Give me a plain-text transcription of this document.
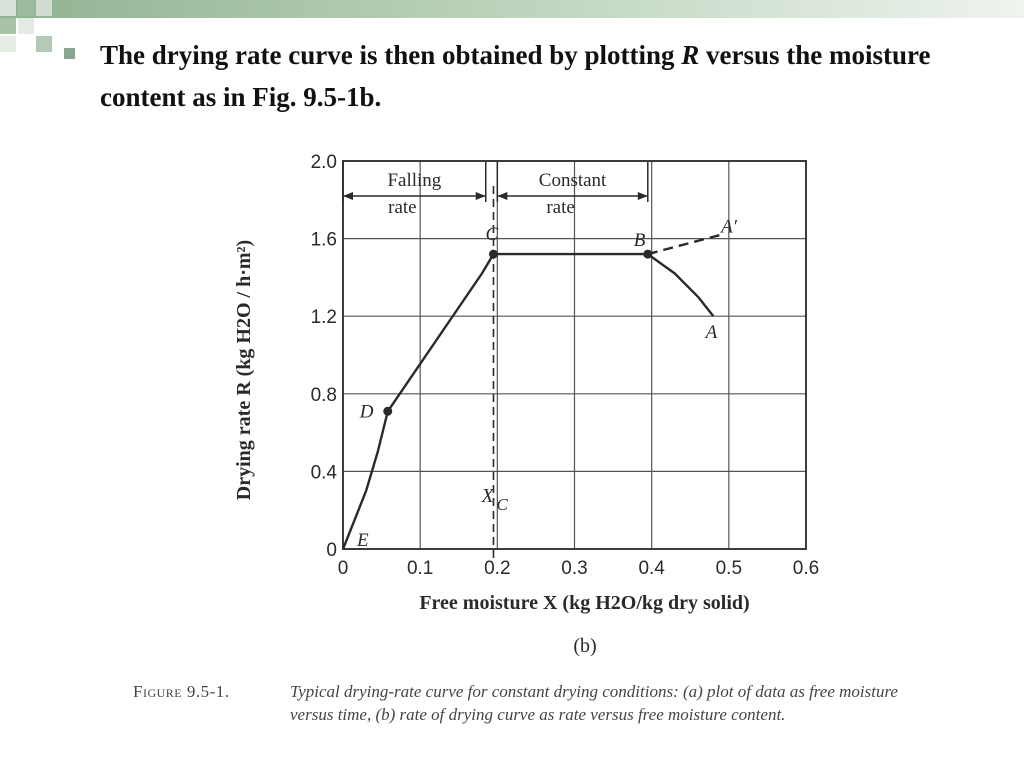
The drying rate curve is then obtained by plotting R versus the moisture content as in Fig. 9.5-1b.
0	0.1	0.2	0.3	0.4	0.5	0.6
0
0.4
0.8
1.2
1.6
2.0
Free moisture X (kg H2O/kg dry solid)
Drying rate R (kg H2O / h·m²)
Falling
rate
Constant
rate
X C
A′
B
C
A
D
E
(b)
Figure 9.5-1.	Typical drying-rate curve for constant drying conditions: (a) plot of data as free moisture versus time, (b) rate of drying curve as rate versus free moisture content.
